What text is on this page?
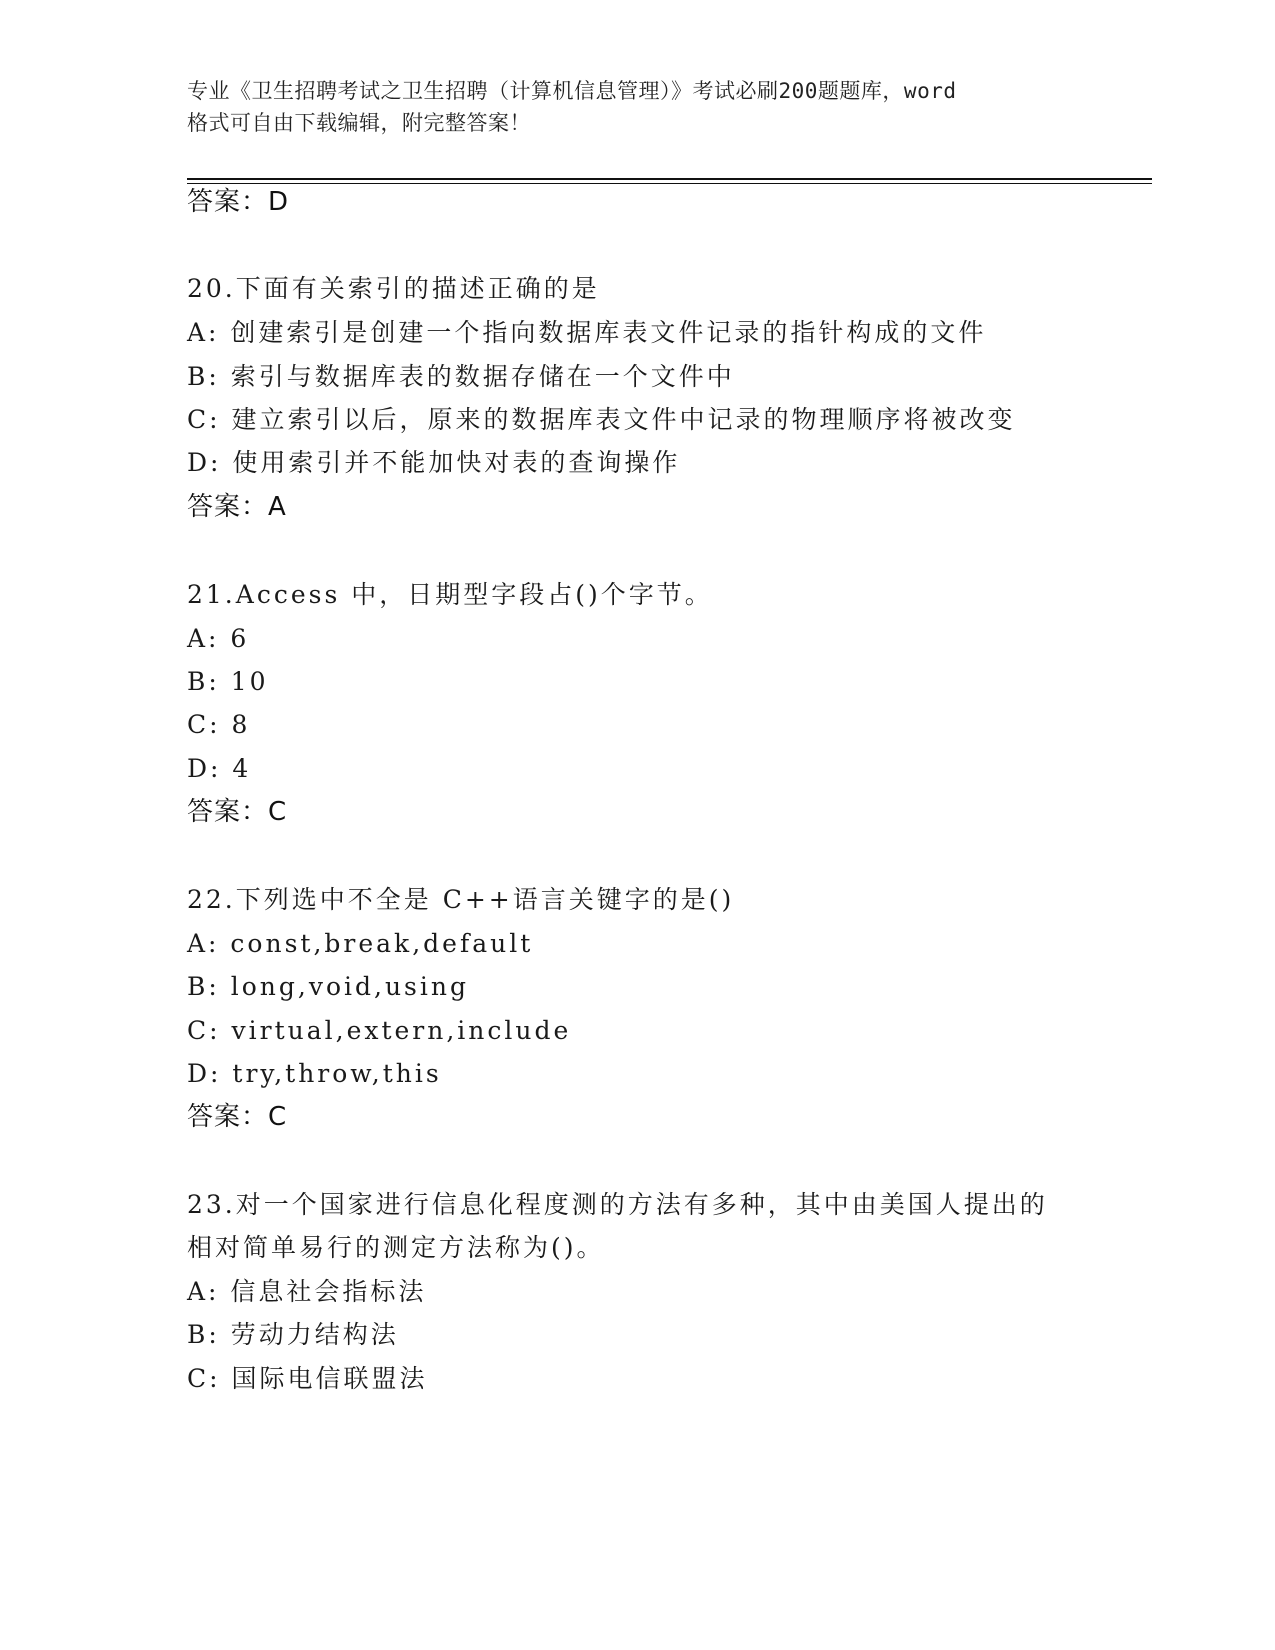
专业《卫生招聘考试之卫生招聘（计算机信息管理）》考试必刷200题题库，word
格式可自由下载编辑，附完整答案！
答案：D
20.下面有关索引的描述正确的是
A: 创建索引是创建一个指向数据库表文件记录的指针构成的文件
B: 索引与数据库表的数据存储在一个文件中
C: 建立索引以后，原来的数据库表文件中记录的物理顺序将被改变
D: 使用索引并不能加快对表的查询操作
答案：A
21.Access 中，日期型字段占()个字节。
A: 6
B: 10
C: 8
D: 4
答案：C
22.下列选中不全是 C++语言关键字的是()
A: const,break,default
B: long,void,using
C: virtual,extern,include
D: try,throw,this
答案：C
23.对一个国家进行信息化程度测的方法有多种，其中由美国人提出的
相对简单易行的测定方法称为()。
A: 信息社会指标法
B: 劳动力结构法
C: 国际电信联盟法
